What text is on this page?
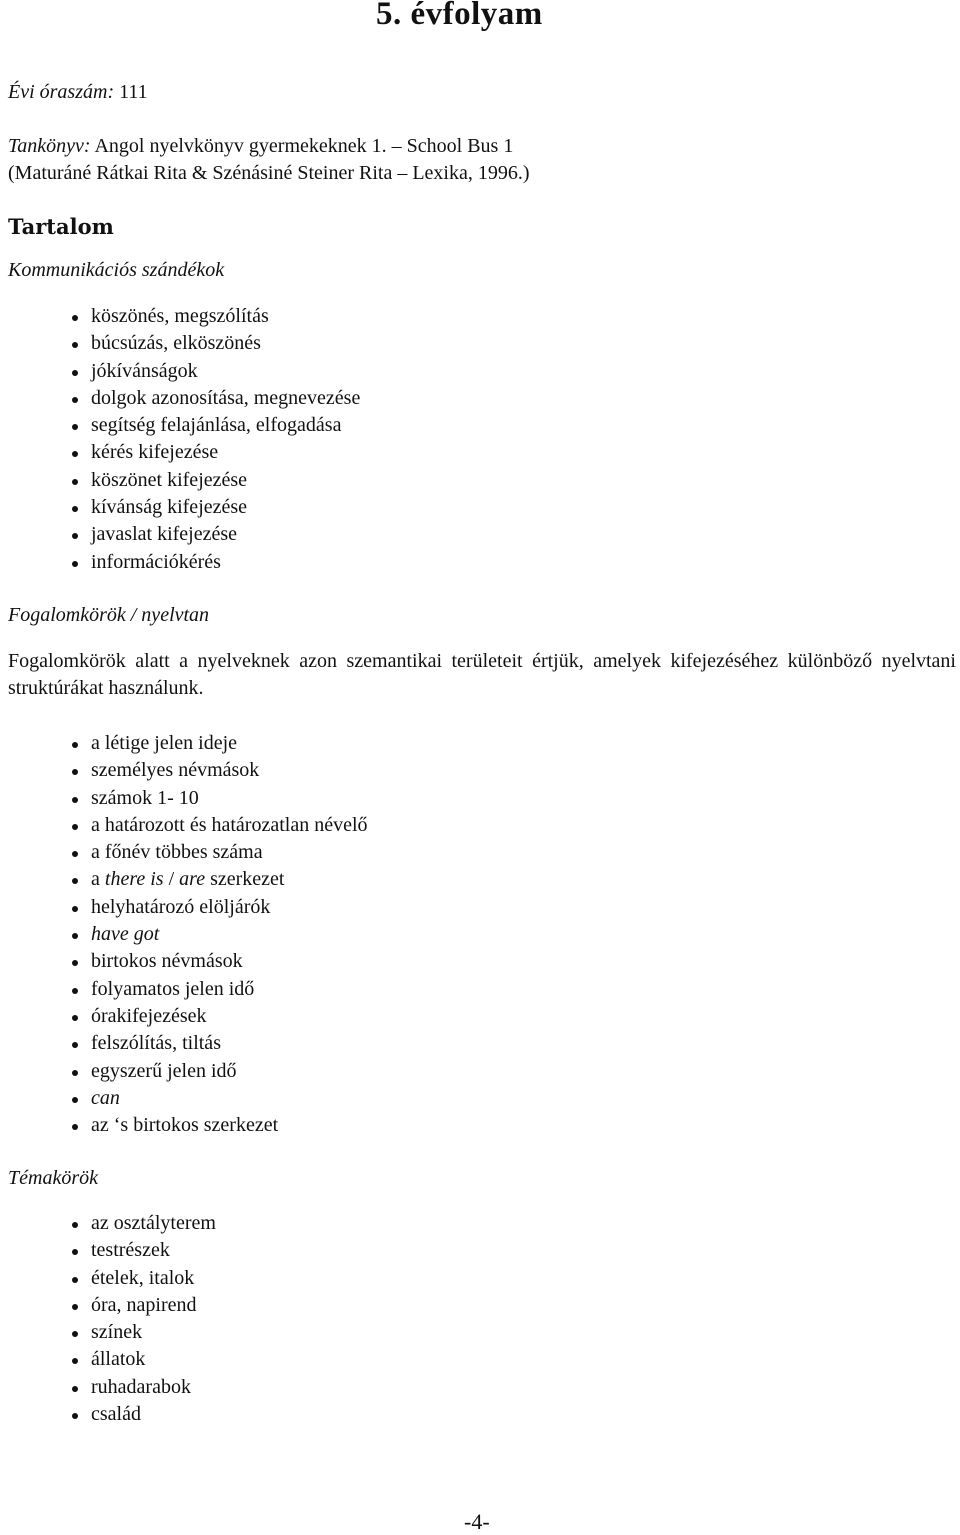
5. évfolyam
Évi óraszám: 111
Tankönyv: Angol nyelvkönyv gyermekeknek 1. – School Bus 1
(Maturáné Rátkai Rita & Szénásiné Steiner Rita – Lexika, 1996.)
Tartalom
Kommunikációs szándékok
köszönés, megszólítás
búcsúzás, elköszönés
jókívánságok
dolgok azonosítása, megnevezése
segítség felajánlása, elfogadása
kérés kifejezése
köszönet kifejezése
kívánság kifejezése
javaslat kifejezése
információkérés
Fogalomkörök / nyelvtan

Fogalomkörök alatt a nyelveknek azon szemantikai területeit értjük, amelyek kifejezéséhez különböző nyelvtani struktúrákat használunk.

a létige jelen ideje
személyes névmások
számok 1- 10
a határozott és határozatlan névelő
a főnév többes száma
a there is / are szerkezet
helyhatározó elöljárók
have got
birtokos névmások
folyamatos jelen idő
órakifejezések
felszólítás, tiltás
egyszerű jelen idő
can
az ‘s birtokos szerkezet
Témakörök
az osztályterem
testrészek
ételek, italok
óra, napirend
színek
állatok
ruhadarabok
család
-4-
